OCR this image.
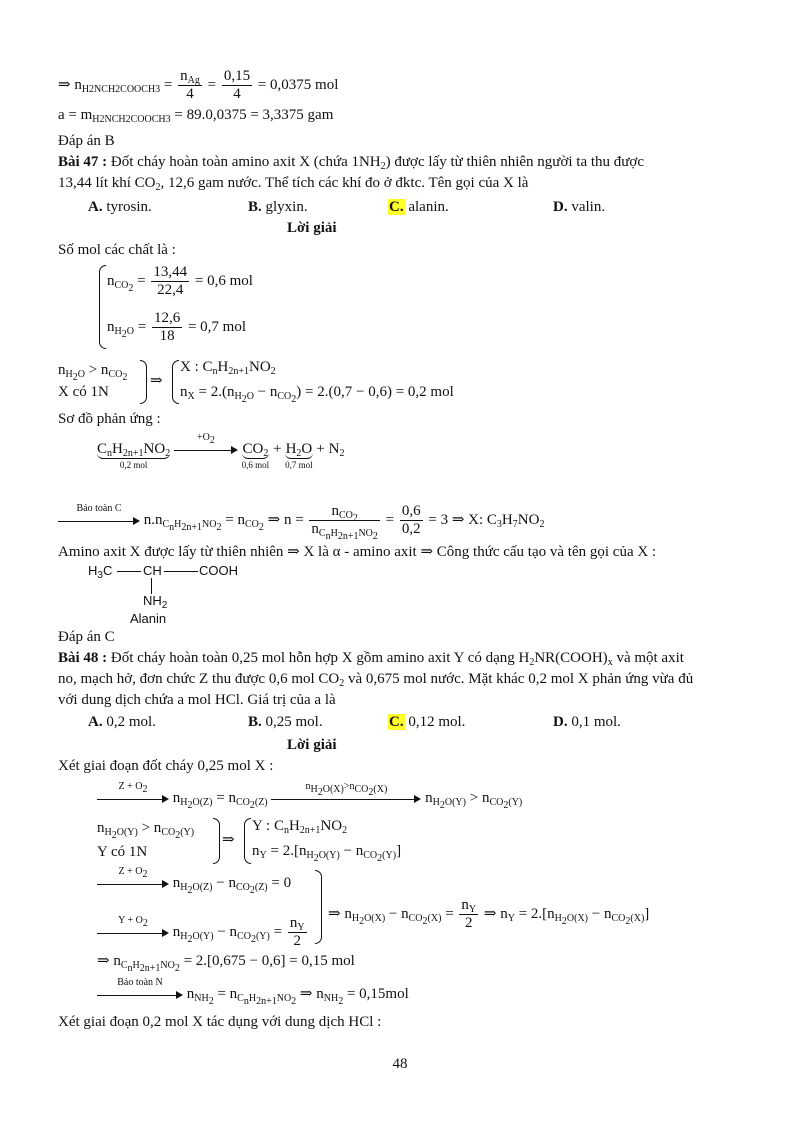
⇒ $n_{H2NCH2COOCH3} = \frac{n_{Ag}}{4} = \frac{0,15}{4} = 0,0375$ mol
$a = m_{H2NCH2COOCH3} = 89.0,0375 = 3,3375$ gam
Đáp án B
Bài 47 : Đốt cháy hoàn toàn amino axit X (chứa $1NH_2$) được lấy từ thiên nhiên người ta thu được
13,44 lít khí $CO_2$, 12,6 gam nước. Thể tích các khí đo ở đktc. Tên gọi của X là
A. tyrosin.	B. glyxin.	C. alanin.	D. valin.
Lời giải
Số mol các chất là :
$n_{CO_2} = \frac{13,44}{22,4} = 0,6$ mol
$n_{H_2O} = \frac{12,6}{18} = 0,7$ mol
$n_{H_2O} > n_{CO_2}$
X có 1N
⇒
X : $C_nH_{2n+1}NO_2$
$n_X = 2.(n_{H_2O} - n_{CO_2}) = 2.(0,7 - 0,6) = 0,2$ mol
Sơ đồ phản ứng :
$C_nH_{2n+1}NO_2$
0,2 mol

$+O_2$

$CO_2$
0,6 mol
+ $H_2O$
0,7 mol
+ $N_2$
Bảo toàn C
$n.n_{C_nH_{2n+1}NO_2} = n_{CO_2}$ ⇒ $n = \frac{n_{CO_2}}{n_{C_nH_{2n+1}NO_2}} = \frac{0,6}{0,2} = 3$ ⇒ X: $C_3H_7NO_2$
Amino axit X được lấy từ thiên nhiên ⇒ X là α - amino axit ⇒ Công thức cấu tạo và tên gọi của X :
$H_3C$ CH	COOH
$NH_2$
Alanin
Đáp án C
Bài 48 : Đốt cháy hoàn toàn 0,25 mol hỗn hợp X gồm amino axit Y có dạng $H_2NR(COOH)_x$ và một axit
no, mạch hở, đơn chức Z thu được 0,6 mol $CO_2$ và 0,675 mol nước. Mặt khác 0,2 mol X phản ứng vừa đủ
với dung dịch chứa a mol HCl. Giá trị của a là
A. 0,2 mol.	B. 0,25 mol.	C. 0,12 mol.	D. 0,1 mol.
Lời giải
Xét giai đoạn đốt cháy 0,25 mol X :
$Z + O_2$
$n_{H_2O(Z)} = n_{CO_2(Z)}$
$n_{H_2O(X)}>n_{CO_2(X)}$
$n_{H_2O(Y)} > n_{CO_2(Y)}$
$n_{H_2O(Y)} > n_{CO_2(Y)}$
Y có 1N
⇒
Y : $C_nH_{2n+1}NO_2$
$n_Y = 2.[n_{H_2O(Y)} - n_{CO_2(Y)}]$
$Z + O_2$
$n_{H_2O(Z)} - n_{CO_2(Z)} = 0$
$Y + O_2$
$n_{H_2O(Y)} - n_{CO_2(Y)} = \frac{n_Y}{2}$
⇒ $n_{H_2O(X)} - n_{CO_2(X)} = \frac{n_Y}{2}$ ⇒ $n_Y = 2.[n_{H_2O(X)} - n_{CO_2(X)}]$
⇒ $n_{C_nH_{2n+1}NO_2} = 2.[0,675 - 0,6] = 0,15$ mol
Bảo toàn N
$n_{NH_2} = n_{C_nH_{2n+1}NO_2}$ ⇒ $n_{NH_2} = 0,15mol$
Xét giai đoạn 0,2 mol X tác dụng với dung dịch HCl :
48
